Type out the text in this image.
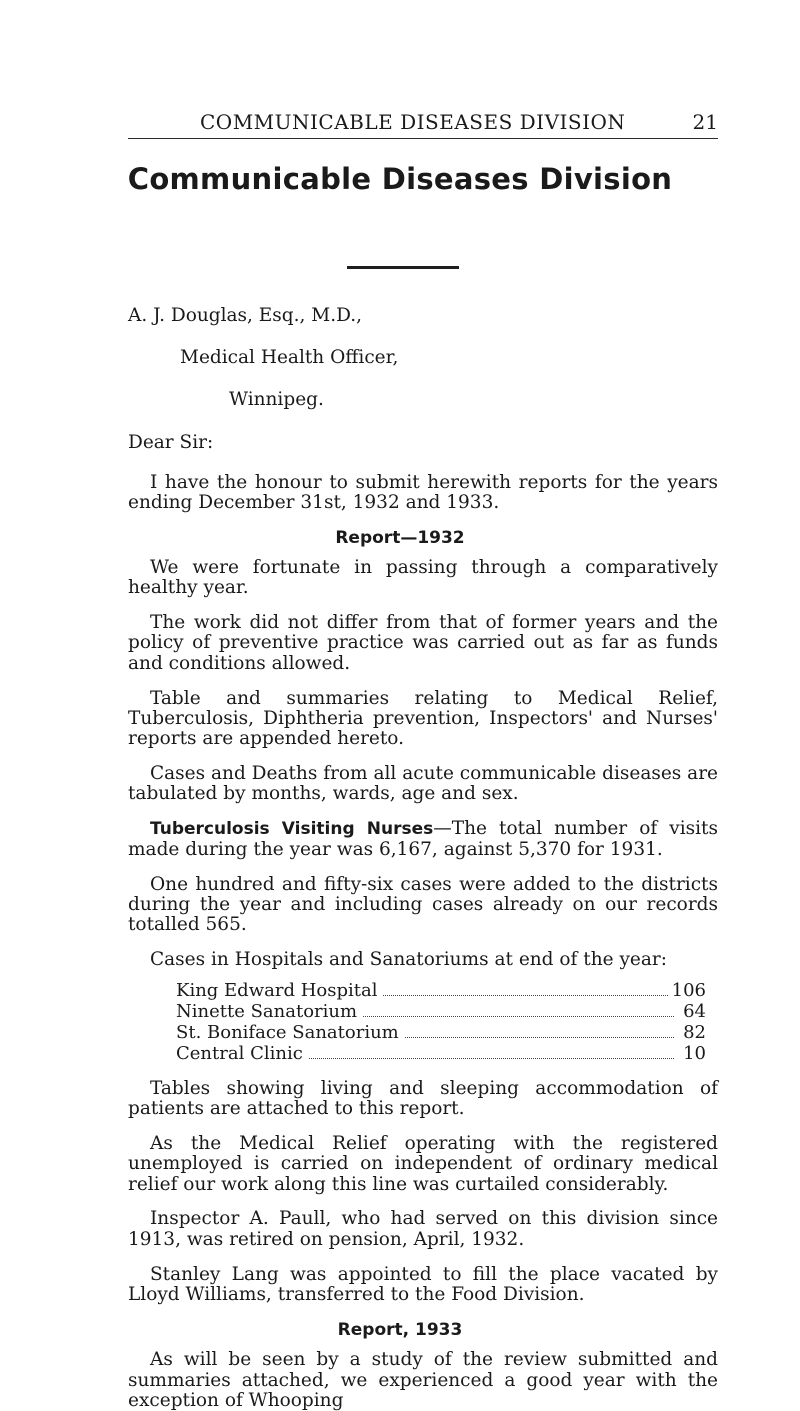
COMMUNICABLE DISEASES DIVISION	21
Communicable Diseases Division
A. J. Douglas, Esq., M.D.,
Medical Health Officer,
Winnipeg.
Dear Sir:
I have the honour to submit herewith reports for the years ending December 31st, 1932 and 1933.
Report—1932
We were fortunate in passing through a comparatively healthy year.
The work did not differ from that of former years and the policy of preventive practice was carried out as far as funds and conditions allowed.
Table and summaries relating to Medical Relief, Tuberculosis, Diphtheria prevention, Inspectors' and Nurses' reports are appended hereto.
Cases and Deaths from all acute communicable diseases are tabulated by months, wards, age and sex.
Tuberculosis Visiting Nurses—The total number of visits made during the year was 6,167, against 5,370 for 1931.
One hundred and fifty-six cases were added to the districts during the year and including cases already on our records totalled 565.
Cases in Hospitals and Sanatoriums at end of the year:
King Edward Hospital	106
Ninette Sanatorium	64
St. Boniface Sanatorium	82
Central Clinic	10
Tables showing living and sleeping accommodation of patients are attached to this report.
As the Medical Relief operating with the registered unemployed is carried on independent of ordinary medical relief our work along this line was curtailed considerably.
Inspector A. Paull, who had served on this division since 1913, was retired on pension, April, 1932.
Stanley Lang was appointed to fill the place vacated by Lloyd Williams, transferred to the Food Division.
Report, 1933
As will be seen by a study of the review submitted and summaries attached, we experienced a good year with the exception of Whooping
